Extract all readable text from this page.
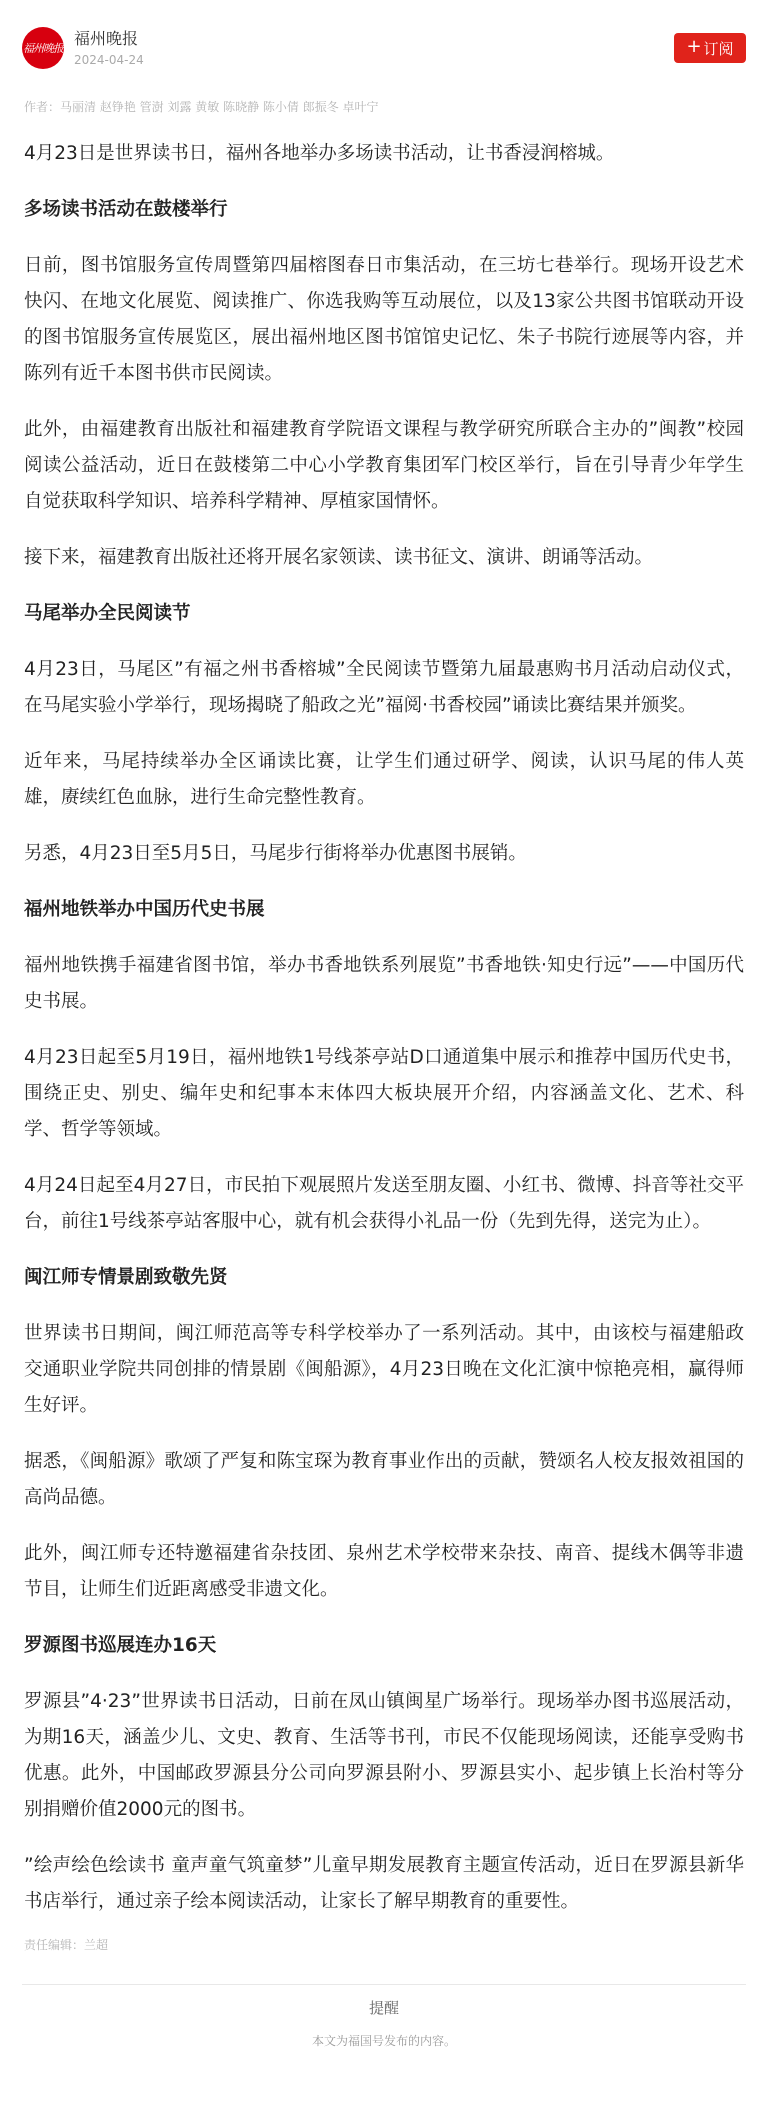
福州晚报
福州晚报
2024-04-24
+ 订阅
作者：马丽清 赵铮艳 管澍 刘露 黄敏 陈晓静 陈小倩 郎振冬 卓叶宁
4月23日是世界读书日，福州各地举办多场读书活动，让书香浸润榕城。
多场读书活动在鼓楼举行
日前，图书馆服务宣传周暨第四届榕图春日市集活动，在三坊七巷举行。现场开设艺术快闪、在地文化展览、阅读推广、你选我购等互动展位，以及13家公共图书馆联动开设的图书馆服务宣传展览区，展出福州地区图书馆馆史记忆、朱子书院行迹展等内容，并陈列有近千本图书供市民阅读。
此外，由福建教育出版社和福建教育学院语文课程与教学研究所联合主办的”闽教”校园阅读公益活动，近日在鼓楼第二中心小学教育集团军门校区举行，旨在引导青少年学生自觉获取科学知识、培养科学精神、厚植家国情怀。
接下来，福建教育出版社还将开展名家领读、读书征文、演讲、朗诵等活动。
马尾举办全民阅读节
4月23日，马尾区”有福之州书香榕城”全民阅读节暨第九届最惠购书月活动启动仪式，在马尾实验小学举行，现场揭晓了船政之光”福阅·书香校园”诵读比赛结果并颁奖。
近年来，马尾持续举办全区诵读比赛，让学生们通过研学、阅读，认识马尾的伟人英雄，赓续红色血脉，进行生命完整性教育。
另悉，4月23日至5月5日，马尾步行街将举办优惠图书展销。
福州地铁举办中国历代史书展
福州地铁携手福建省图书馆，举办书香地铁系列展览”书香地铁·知史行远”——中国历代史书展。
4月23日起至5月19日，福州地铁1号线茶亭站D口通道集中展示和推荐中国历代史书，围绕正史、别史、编年史和纪事本末体四大板块展开介绍，内容涵盖文化、艺术、科学、哲学等领域。
4月24日起至4月27日，市民拍下观展照片发送至朋友圈、小红书、微博、抖音等社交平台，前往1号线茶亭站客服中心，就有机会获得小礼品一份（先到先得，送完为止）。
闽江师专情景剧致敬先贤
世界读书日期间，闽江师范高等专科学校举办了一系列活动。其中，由该校与福建船政交通职业学院共同创排的情景剧《闽船源》，4月23日晚在文化汇演中惊艳亮相，赢得师生好评。
据悉，《闽船源》歌颂了严复和陈宝琛为教育事业作出的贡献，赞颂名人校友报效祖国的高尚品德。
此外，闽江师专还特邀福建省杂技团、泉州艺术学校带来杂技、南音、提线木偶等非遗节目，让师生们近距离感受非遗文化。
罗源图书巡展连办16天
罗源县”4·23”世界读书日活动，日前在凤山镇闽星广场举行。现场举办图书巡展活动，为期16天，涵盖少儿、文史、教育、生活等书刊，市民不仅能现场阅读，还能享受购书优惠。此外，中国邮政罗源县分公司向罗源县附小、罗源县实小、起步镇上长治村等分别捐赠价值2000元的图书。
”绘声绘色绘读书 童声童气筑童梦”儿童早期发展教育主题宣传活动，近日在罗源县新华书店举行，通过亲子绘本阅读活动，让家长了解早期教育的重要性。
责任编辑：兰超
提醒
本文为福国号发布的内容。
